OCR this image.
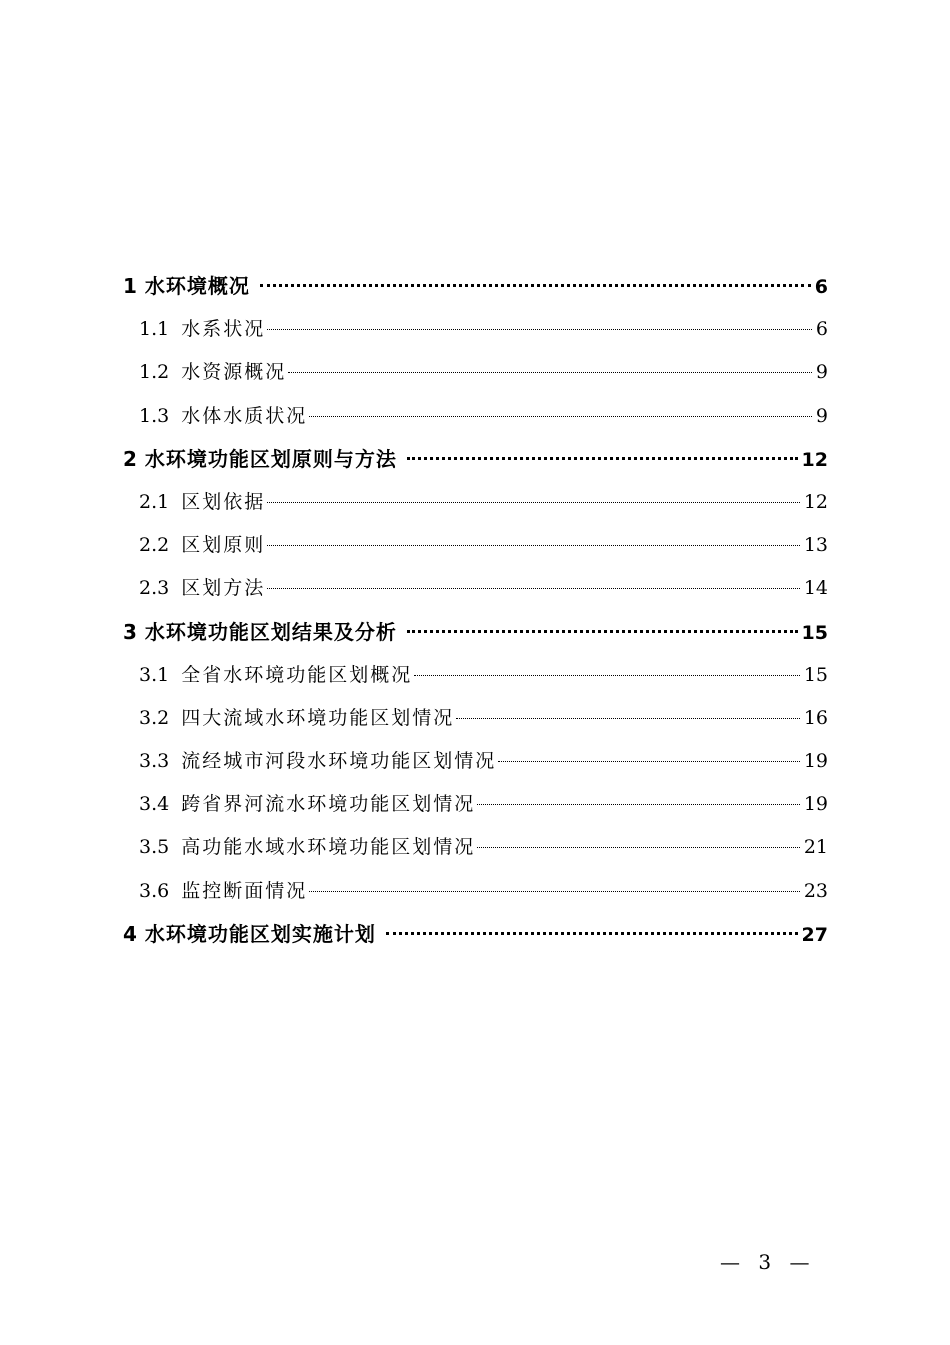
1 水环境概况	6
1.1 水系状况	6
1.2 水资源概况	9
1.3 水体水质状况	9
2 水环境功能区划原则与方法	12
2.1 区划依据	12
2.2 区划原则	13
2.3 区划方法	14
3 水环境功能区划结果及分析	15
3.1 全省水环境功能区划概况	15
3.2 四大流域水环境功能区划情况	16
3.3 流经城市河段水环境功能区划情况	19
3.4 跨省界河流水环境功能区划情况	19
3.5 高功能水域水环境功能区划情况	21
3.6 监控断面情况	23
4 水环境功能区划实施计划	27
— 3 —
